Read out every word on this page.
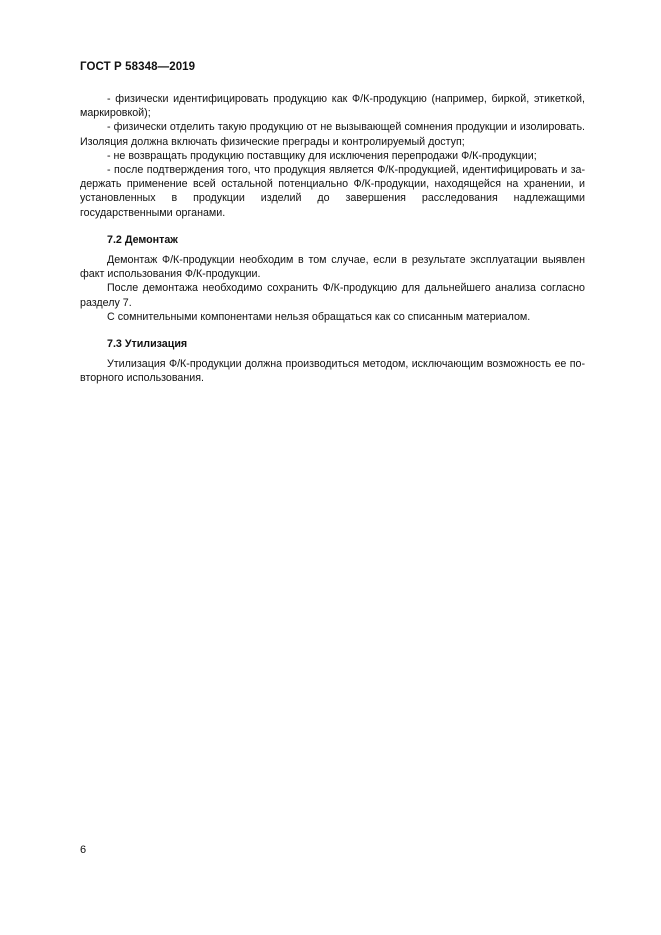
ГОСТ Р 58348—2019

- физически идентифицировать продукцию как Ф/К-продукцию (например, биркой, этикеткой, маркировкой);

- физически отделить такую продукцию от не вызывающей сомнения продукции и изолировать. Изоляция должна включать физические преграды и контролируемый доступ;

- не возвращать продукцию поставщику для исключения перепродажи Ф/К-продукции;

- после подтверждения того, что продукция является Ф/К-продукцией, идентифицировать и задержать применение всей остальной потенциально Ф/К-продукции, находящейся на хранении, и установленных в продукции изделий до завершения расследования надлежащими государственными органами.

7.2 Демонтаж

Демонтаж Ф/К-продукции необходим в том случае, если в результате эксплуатации выявлен факт использования Ф/К-продукции.

После демонтажа необходимо сохранить Ф/К-продукцию для дальнейшего анализа согласно разделу 7.

С сомнительными компонентами нельзя обращаться как со списанным материалом.

7.3 Утилизация

Утилизация Ф/К-продукции должна производиться методом, исключающим возможность ее повторного использования.

6
